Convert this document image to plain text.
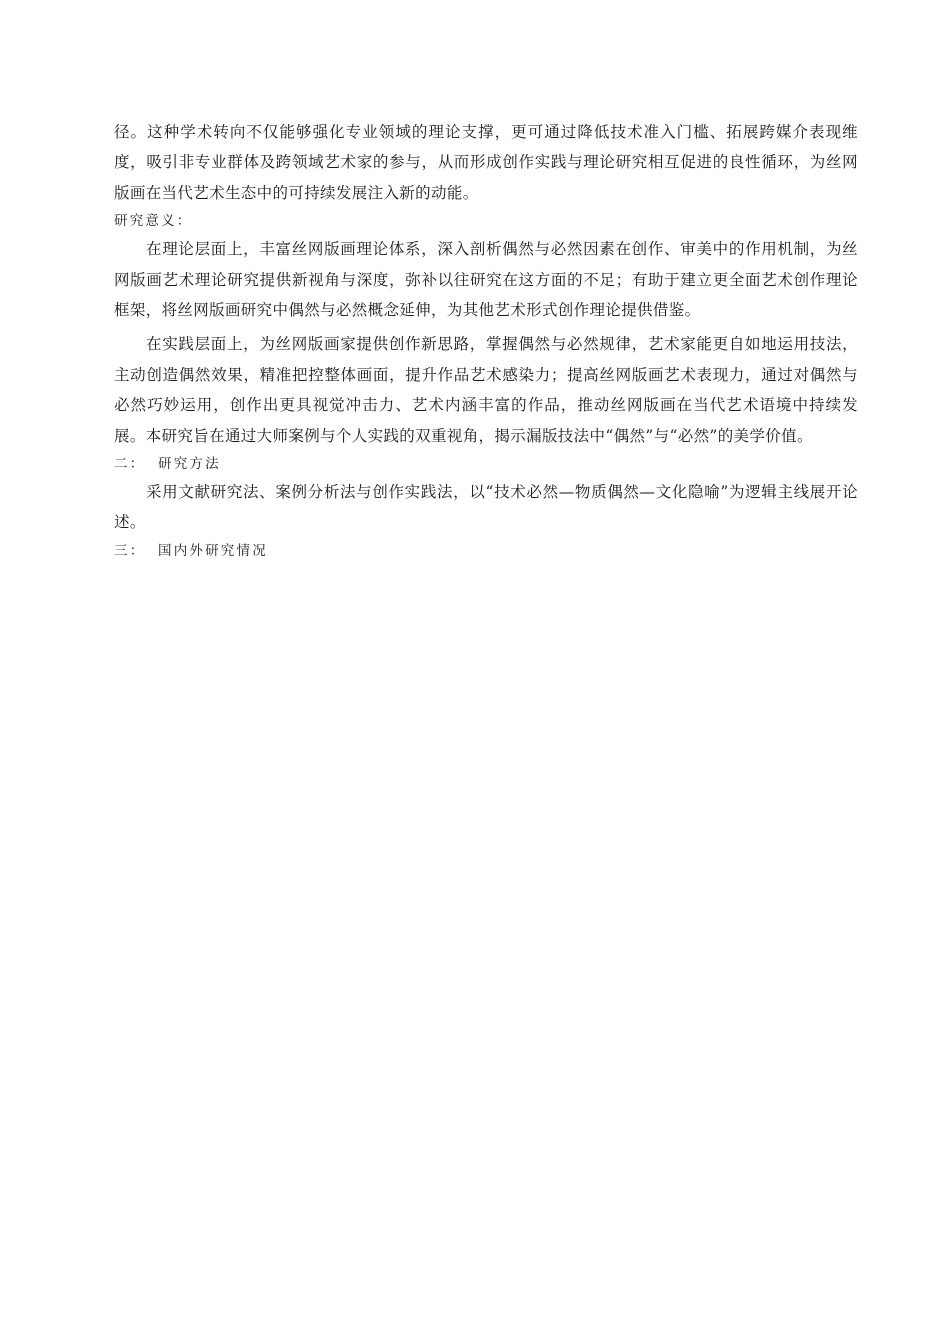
径。这种学术转向不仅能够强化专业领域的理论支撑，更可通过降低技术准入门槛、拓展跨媒介表现维度，吸引非专业群体及跨领域艺术家的参与，从而形成创作实践与理论研究相互促进的良性循环，为丝网版画在当代艺术生态中的可持续发展注入新的动能。

研究意义：

在理论层面上，丰富丝网版画理论体系，深入剖析偶然与必然因素在创作、审美中的作用机制，为丝网版画艺术理论研究提供新视角与深度，弥补以往研究在这方面的不足；有助于建立更全面艺术创作理论框架，将丝网版画研究中偶然与必然概念延伸，为其他艺术形式创作理论提供借鉴。

在实践层面上，为丝网版画家提供创作新思路，掌握偶然与必然规律，艺术家能更自如地运用技法，主动创造偶然效果，精准把控整体画面，提升作品艺术感染力；提高丝网版画艺术表现力，通过对偶然与必然巧妙运用，创作出更具视觉冲击力、艺术内涵丰富的作品，推动丝网版画在当代艺术语境中持续发展。本研究旨在通过大师案例与个人实践的双重视角，揭示漏版技法中“偶然”与“必然”的美学价值。

二： 研究方法

采用文献研究法、案例分析法与创作实践法，以“技术必然—物质偶然—文化隐喻”为逻辑主线展开论述。

三： 国内外研究情况
